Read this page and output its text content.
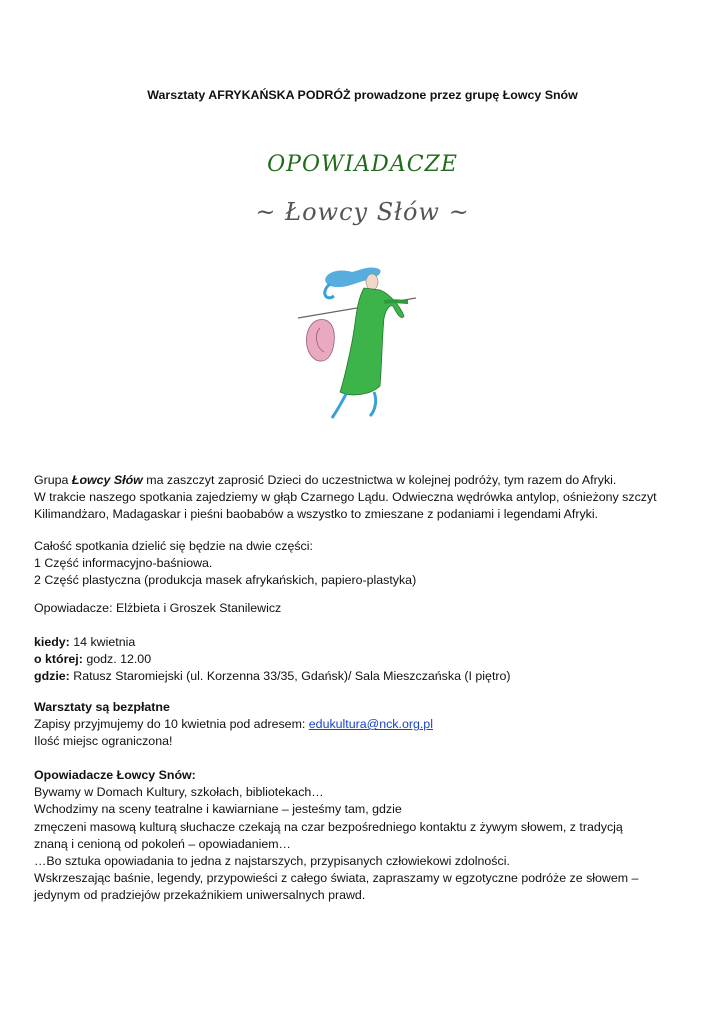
Warsztaty AFRYKAŃSKA PODRÓŻ prowadzone przez grupę Łowcy Snów
OPOWIADACZE
~ Łowcy Słów ~

Grupa Łowcy Słów ma zaszczyt zaprosić Dzieci do uczestnictwa w kolejnej podróży, tym razem do Afryki.

W trakcie naszego spotkania zajedziemy w głąb Czarnego Lądu. Odwieczna wędrówka antylop, ośnieżony szczyt

Kilimandżaro, Madagaskar i pieśni baobabów a wszystko to zmieszane z podaniami i legendami Afryki.

Całość spotkania dzielić się będzie na dwie części:

1 Część informacyjno-baśniowa.

2 Część plastyczna (produkcja masek afrykańskich, papiero-plastyka)

Opowiadacze: Elżbieta i Groszek Stanilewicz

kiedy: 14 kwietnia

o której: godz. 12.00

gdzie: Ratusz Staromiejski (ul. Korzenna 33/35, Gdańsk)/ Sala Mieszczańska (I piętro)

Warsztaty są bezpłatne

Zapisy przyjmujemy do 10 kwietnia pod adresem: edukultura@nck.org.pl

Ilość miejsc ograniczona!

Opowiadacze Łowcy Snów:

Bywamy w Domach Kultury, szkołach, bibliotekach…

Wchodzimy na sceny teatralne i kawiarniane – jesteśmy tam, gdzie

zmęczeni masową kulturą słuchacze czekają na czar bezpośredniego kontaktu z żywym słowem, z tradycją

znaną i cenioną od pokoleń – opowiadaniem…

…Bo sztuka opowiadania to jedna z najstarszych, przypisanych człowiekowi zdolności.

Wskrzeszając baśnie, legendy, przypowieści z całego świata, zapraszamy w egzotyczne podróże ze słowem –

jedynym od pradziejów przekaźnikiem uniwersalnych prawd.
